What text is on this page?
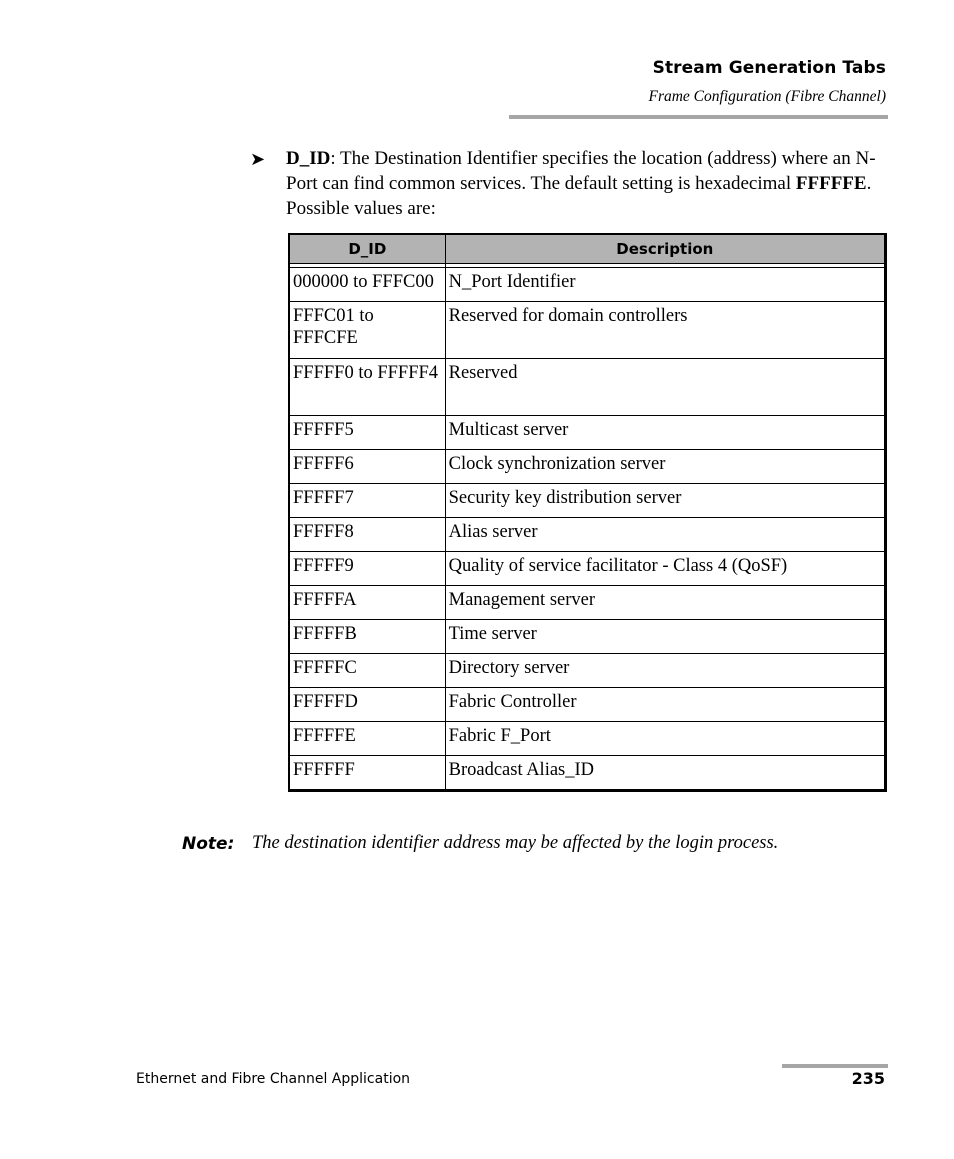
Stream Generation Tabs
Frame Configuration (Fibre Channel)
➤ D_ID: The Destination Identifier specifies the location (address) where an N-Port can find common services. The default setting is hexadecimal FFFFFE. Possible values are:
D_ID	Description

000000 to FFFC00	N_Port Identifier
FFFC01 to FFFCFE	Reserved for domain controllers
FFFFF0 to FFFFF4	Reserved
FFFFF5	Multicast server
FFFFF6	Clock synchronization server
FFFFF7	Security key distribution server
FFFFF8	Alias server
FFFFF9	Quality of service facilitator - Class 4 (QoSF)
FFFFFA	Management server
FFFFFB	Time server
FFFFFC	Directory server
FFFFFD	Fabric Controller
FFFFFE	Fabric F_Port
FFFFFF	Broadcast Alias_ID
Note: The destination identifier address may be affected by the login process.
Ethernet and Fibre Channel Application	235
